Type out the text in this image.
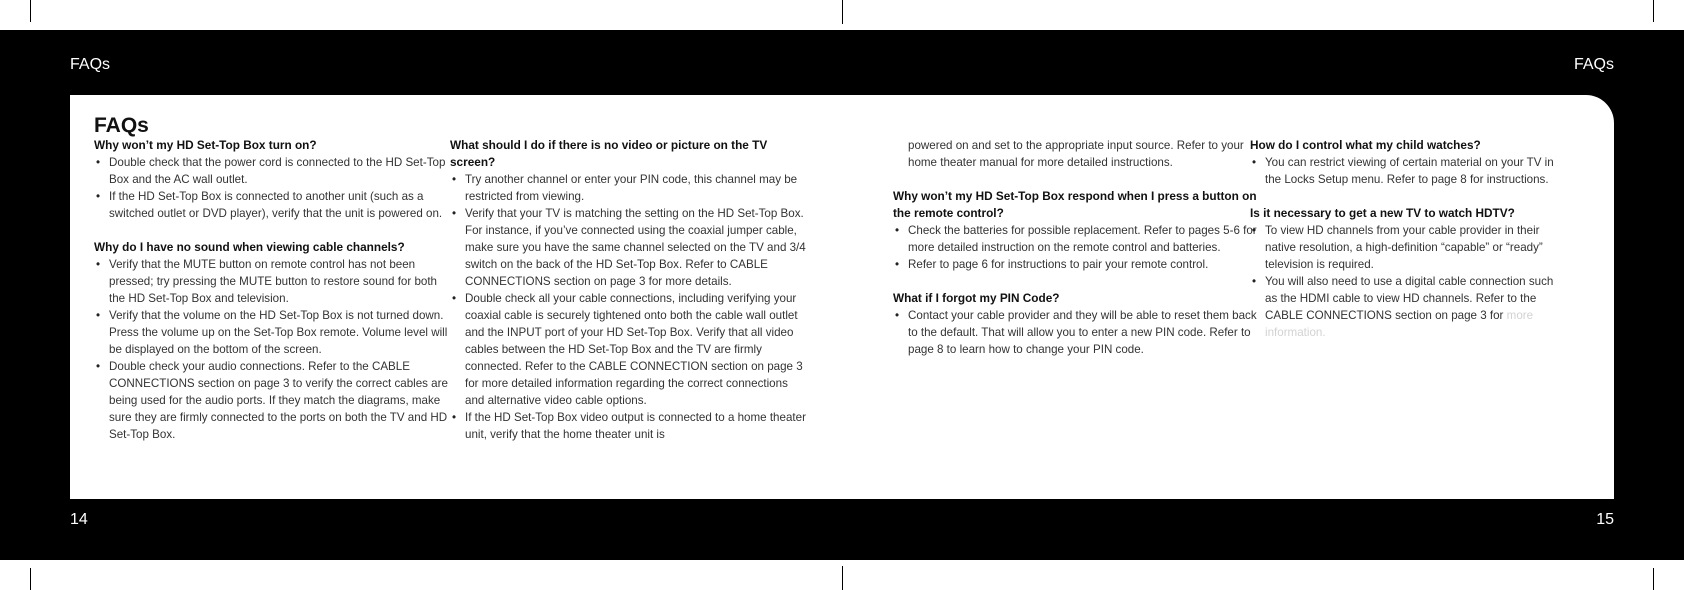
FAQs	FAQs
14	15
FAQs
Why won’t my HD Set-Top Box turn on?
• Double check that the power cord is connected to the HD Set-Top Box and the AC wall outlet.
• If the HD Set-Top Box is connected to another unit (such as a switched outlet or DVD player), verify that the unit is powered on.
Why do I have no sound when viewing cable channels?
• Verify that the MUTE button on remote control has not been pressed; try pressing the MUTE button to restore sound for both the HD Set-Top Box and television.
• Verify that the volume on the HD Set-Top Box is not turned down. Press the volume up on the Set-Top Box remote. Volume level will be displayed on the bottom of the screen.
• Double check your audio connections. Refer to the CABLE CONNECTIONS section on page 3 to verify the correct cables are being used for the audio ports. If they match the diagrams, make sure they are firmly connected to the ports on both the TV and HD Set-Top Box.
What should I do if there is no video or picture on the TV screen?
• Try another channel or enter your PIN code, this channel may be restricted from viewing.
• Verify that your TV is matching the setting on the HD Set-Top Box. For instance, if you’ve connected using the coaxial jumper cable, make sure you have the same channel selected on the TV and 3/4 switch on the back of the HD Set-Top Box. Refer to CABLE CONNECTIONS section on page 3 for more details.
• Double check all your cable connections, including verifying your coaxial cable is securely tightened onto both the cable wall outlet and the INPUT port of your HD Set-Top Box. Verify that all video cables between the HD Set-Top Box and the TV are firmly connected. Refer to the CABLE CONNECTION section on page 3 for more detailed information regarding the correct connections and alternative video cable options.
• If the HD Set-Top Box video output is connected to a home theater unit, verify that the home theater unit is

powered on and set to the appropriate input source. Refer to your home theater manual for more detailed instructions.

Why won’t my HD Set-Top Box respond when I press a button on the remote control?
• Check the batteries for possible replacement. Refer to pages 5-6 for more detailed instruction on the remote control and batteries.
• Refer to page 6 for instructions to pair your remote control.
What if I forgot my PIN Code?
• Contact your cable provider and they will be able to reset them back to the default. That will allow you to enter a new PIN code. Refer to page 8 to learn how to change your PIN code.
How do I control what my child watches?
• You can restrict viewing of certain material on your TV in the Locks Setup menu. Refer to page 8 for instructions.
Is it necessary to get a new TV to watch HDTV?
• To view HD channels from your cable provider in their native resolution, a high-definition “capable” or “ready” television is required.
• You will also need to use a digital cable connection such as the HDMI cable to view HD channels. Refer to the CABLE CONNECTIONS section on page 3 for more information.
